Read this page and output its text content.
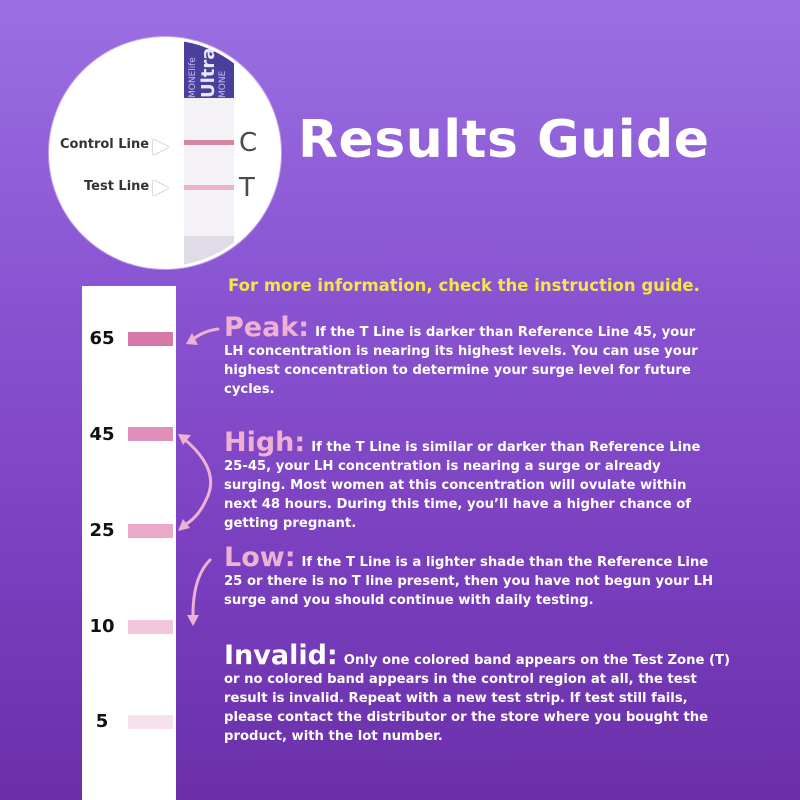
MONElife Ultra MONE
C
T
Control Line
Test Line
Results Guide
For more information, check the instruction guide.
65
45
25
10
5
Peak: If the T Line is darker than Reference Line 45, your LH concentration is nearing its highest levels. You can use your highest concentration to determine your surge level for future cycles.
High: If the T Line is similar or darker than Reference Line 25-45, your LH concentration is nearing a surge or already surging. Most women at this concentration will ovulate within next 48 hours. During this time, you’ll have a higher chance of getting pregnant.
Low: If the T Line is a lighter shade than the Reference Line 25 or there is no T line present, then you have not begun your LH surge and you should continue with daily testing.
Invalid: Only one colored band appears on the Test Zone (T) or no colored band appears in the control region at all, the test result is invalid. Repeat with a new test strip. If test still fails, please contact the distributor or the store where you bought the product, with the lot number.
